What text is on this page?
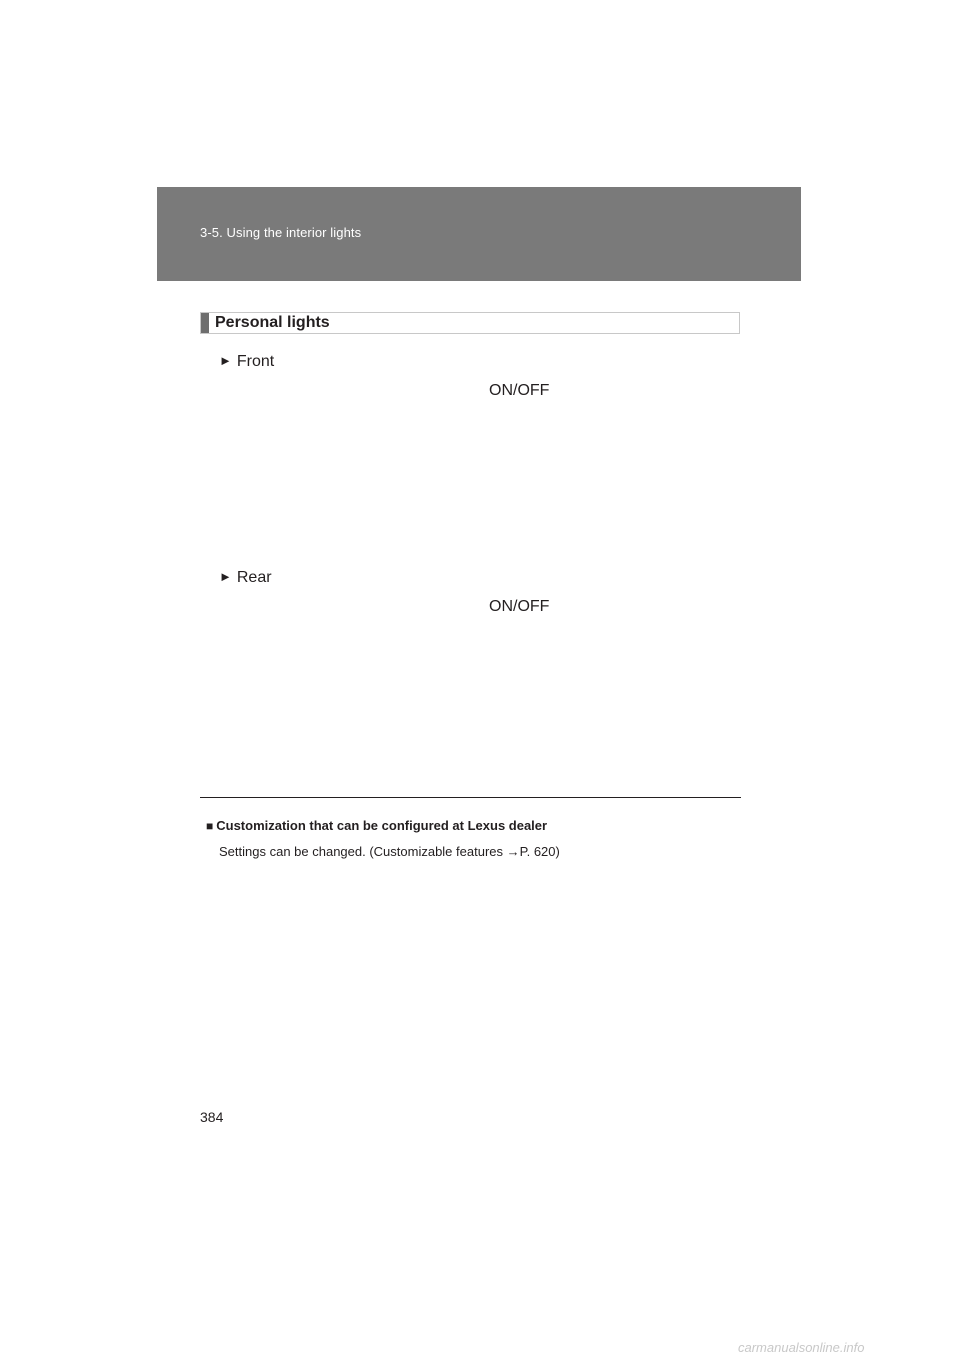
3-5. Using the interior lights
Personal lights
► Front
ON/OFF
► Rear
ON/OFF
■ Customization that can be configured at Lexus dealer
Settings can be changed. (Customizable features →P. 620)
384
carmanualsonline.info
